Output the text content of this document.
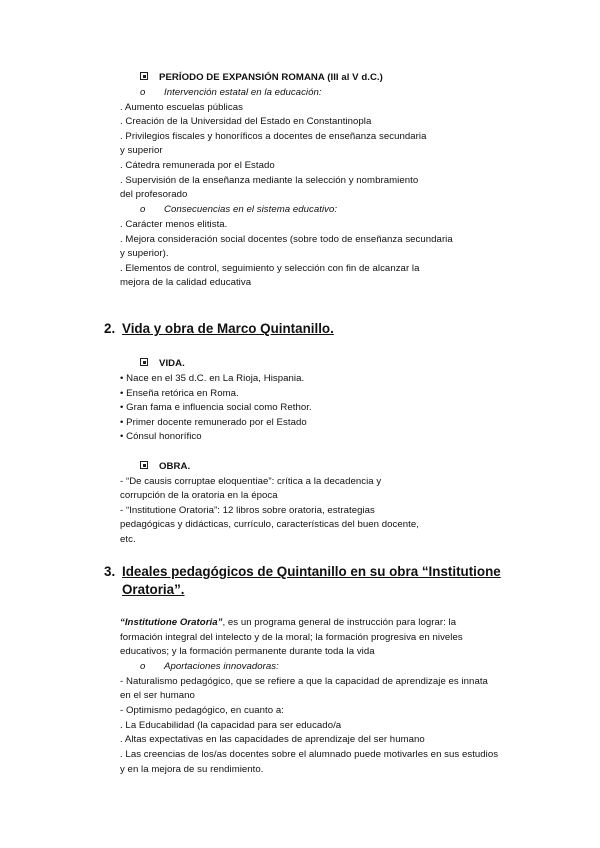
PERÍODO DE EXPANSIÓN ROMANA (III al V d.C.)
o Intervención estatal en la educación:
. Aumento escuelas públicas
. Creación de la Universidad del Estado en Constantinopla
. Privilegios fiscales y honoríficos a docentes de enseñanza secundaria
y superior
. Cátedra remunerada por el Estado
. Supervisión de la enseñanza mediante la selección y nombramiento
del profesorado
o Consecuencias en el sistema educativo:
. Carácter menos elitista.
. Mejora consideración social docentes (sobre todo de enseñanza secundaria
y superior).
. Elementos de control, seguimiento y selección con fin de alcanzar la
mejora de la calidad educativa
2. Vida y obra de Marco Quintanillo.
VIDA.
• Nace en el 35 d.C. en La Rioja, Hispania.
• Enseña retórica en Roma.
• Gran fama e influencia social como Rethor.
• Primer docente remunerado por el Estado
• Cónsul honorífico
OBRA.
- “De causis corruptae eloquentiae”: crítica a la decadencia y
corrupción de la oratoria en la época
- “Institutione Oratoria”: 12 libros sobre oratoria, estrategias
pedagógicas y didácticas, currículo, características del buen docente,
etc.
3. Ideales pedagógicos de Quintanillo en su obra “Institutione
Oratoria”.
“Institutione Oratoria”, es un programa general de instrucción para lograr: la
formación integral del intelecto y de la moral; la formación progresiva en niveles
educativos; y la formación permanente durante toda la vida
o Aportaciones innovadoras:
- Naturalismo pedagógico, que se refiere a que la capacidad de aprendizaje es innata
en el ser humano
- Optimismo pedagógico, en cuanto a:
. La Educabilidad (la capacidad para ser educado/a
. Altas expectativas en las capacidades de aprendizaje del ser humano
. Las creencias de los/as docentes sobre el alumnado puede motivarles en sus estudios
y en la mejora de su rendimiento.
